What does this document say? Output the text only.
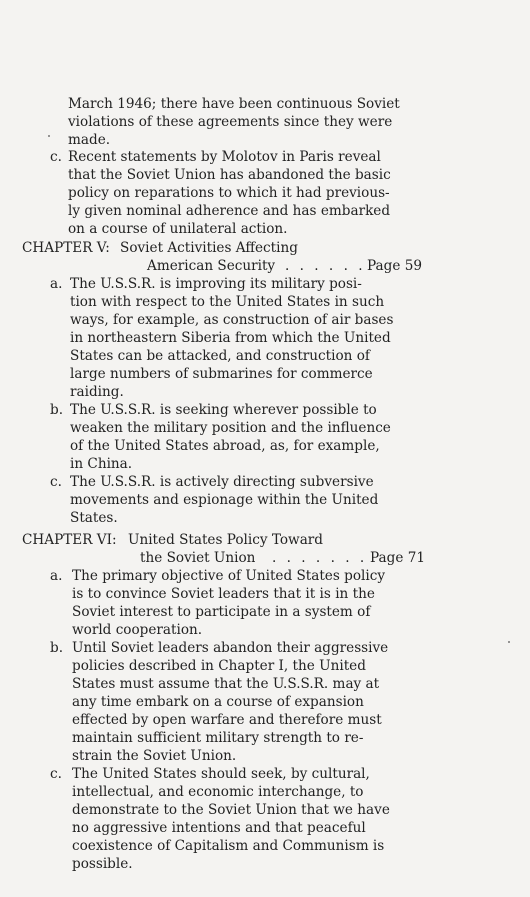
March 1946; there have been continuous Soviet
violations of these agreements since they were
made.
c. Recent statements by Molotov in Paris reveal
that the Soviet Union has abandoned the basic
policy on reparations to which it had previous-
ly given nominal adherence and has embarked
on a course of unilateral action.
CHAPTER V: Soviet Activities Affecting
American Security . . . . . . Page 59
a. The U.S.S.R. is improving its military posi-
tion with respect to the United States in such
ways, for example, as construction of air bases
in northeastern Siberia from which the United
States can be attacked, and construction of
large numbers of submarines for commerce
raiding.
b. The U.S.S.R. is seeking wherever possible to
weaken the military position and the influence
of the United States abroad, as, for example,
in China.
c. The U.S.S.R. is actively directing subversive
movements and espionage within the United
States.
CHAPTER VI: United States Policy Toward
the Soviet Union . . . . . . . Page 71
a. The primary objective of United States policy
is to convince Soviet leaders that it is in the
Soviet interest to participate in a system of
world cooperation.
b. Until Soviet leaders abandon their aggressive
policies described in Chapter I, the United
States must assume that the U.S.S.R. may at
any time embark on a course of expansion
effected by open warfare and therefore must
maintain sufficient military strength to re-
strain the Soviet Union.
c. The United States should seek, by cultural,
intellectual, and economic interchange, to
demonstrate to the Soviet Union that we have
no aggressive intentions and that peaceful
coexistence of Capitalism and Communism is
possible.
